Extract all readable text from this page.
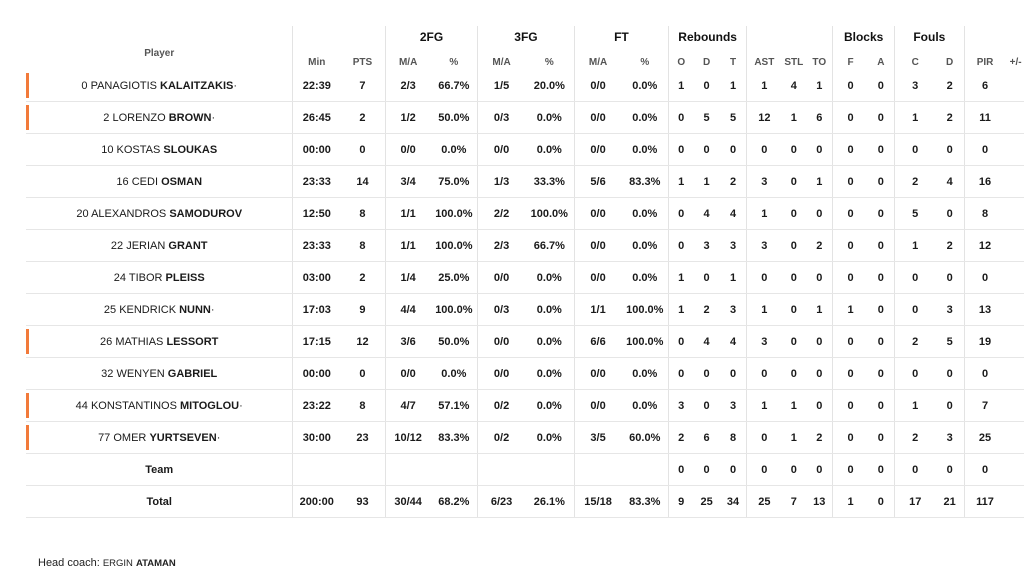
			2FG		3FG		FT		Rebounds						Blocks		Fouls			
Player	Min	PTS	M/A	%	M/A	%	M/A	%	O	D	T	AST	STL	TO	F	A	C	D	PIR	+/-

0 PANAGIOTIS KALAITZAKIS·	22:39	7	2/3	66.7%	1/5	20.0%	0/0	0.0%	1	0	1	1	4	1	0	0	3	2	6	

2 LORENZO BROWN·	26:45	2	1/2	50.0%	0/3	0.0%	0/0	0.0%	0	5	5	12	1	6	0	0	1	2	11	
10 KOSTAS SLOUKAS	00:00	0	0/0	0.0%	0/0	0.0%	0/0	0.0%	0	0	0	0	0	0	0	0	0	0	0	
16 CEDI OSMAN	23:33	14	3/4	75.0%	1/3	33.3%	5/6	83.3%	1	1	2	3	0	1	0	0	2	4	16	
20 ALEXANDROS SAMODUROV	12:50	8	1/1	100.0%	2/2	100.0%	0/0	0.0%	0	4	4	1	0	0	0	0	5	0	8	
22 JERIAN GRANT	23:33	8	1/1	100.0%	2/3	66.7%	0/0	0.0%	0	3	3	3	0	2	0	0	1	2	12	
24 TIBOR PLEISS	03:00	2	1/4	25.0%	0/0	0.0%	0/0	0.0%	1	0	1	0	0	0	0	0	0	0	0	
25 KENDRICK NUNN·	17:03	9	4/4	100.0%	0/3	0.0%	1/1	100.0%	1	2	3	1	0	1	1	0	0	3	13	

26 MATHIAS LESSORT	17:15	12	3/6	50.0%	0/0	0.0%	6/6	100.0%	0	4	4	3	0	0	0	0	2	5	19	
32 WENYEN GABRIEL	00:00	0	0/0	0.0%	0/0	0.0%	0/0	0.0%	0	0	0	0	0	0	0	0	0	0	0	

44 KONSTANTINOS MITOGLOU·	23:22	8	4/7	57.1%	0/2	0.0%	0/0	0.0%	3	0	3	1	1	0	0	0	1	0	7	

77 OMER YURTSEVEN·	30:00	23	10/12	83.3%	0/2	0.0%	3/5	60.0%	2	6	8	0	1	2	0	0	2	3	25	
Team									0	0	0	0	0	0	0	0	0	0	0	
Total	200:00	93	30/44	68.2%	6/23	26.1%	15/18	83.3%	9	25	34	25	7	13	1	0	17	21	117	
Head coach: ERGIN ATAMAN
